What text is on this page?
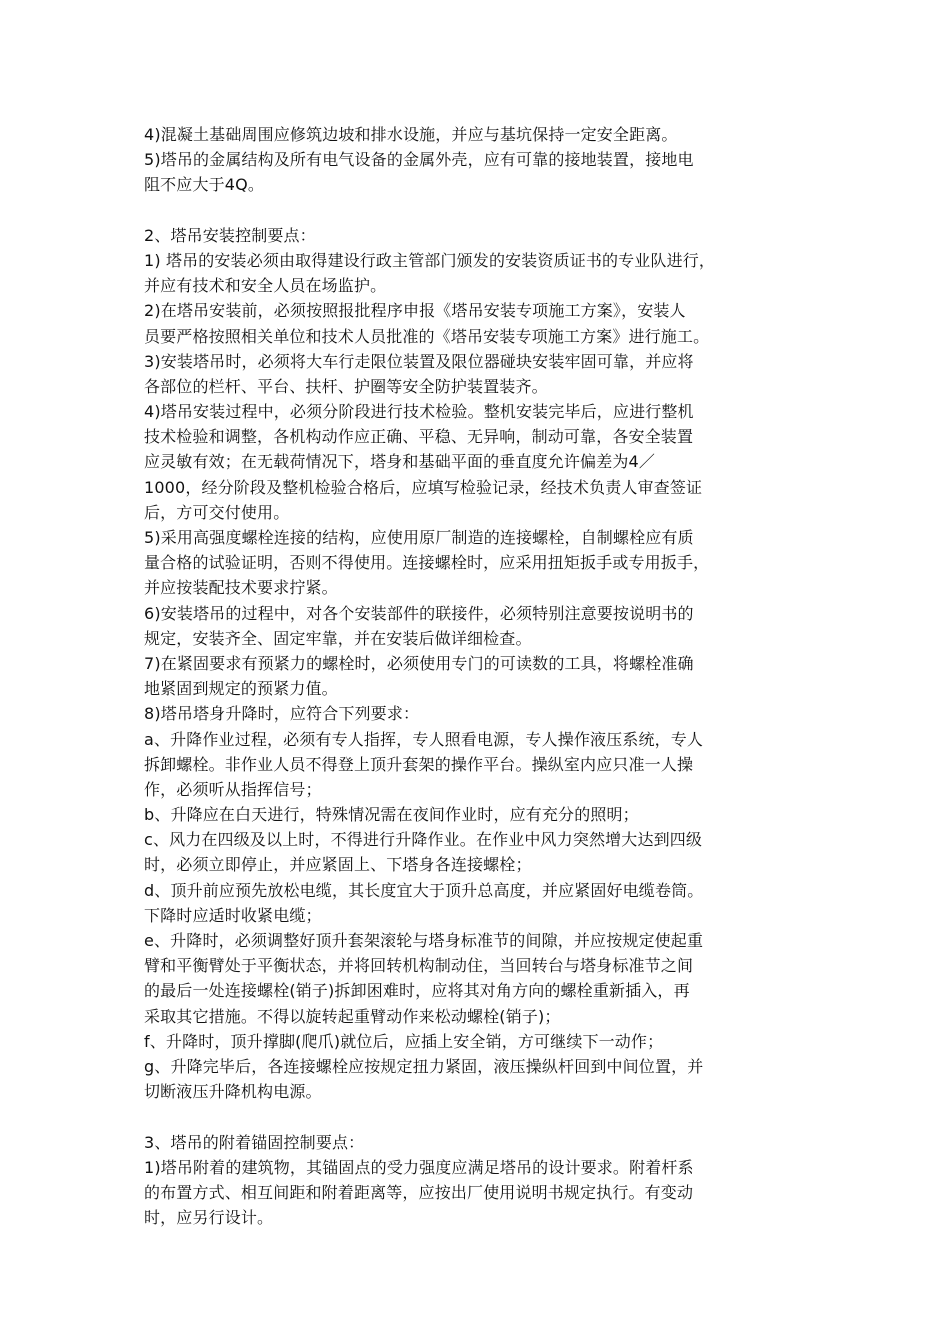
4)混凝土基础周围应修筑边坡和排水设施，并应与基坑保持一定安全距离。
5)塔吊的金属结构及所有电气设备的金属外壳，应有可靠的接地装置，接地电
阻不应大于4Q。
2、塔吊安装控制要点：
1) 塔吊的安装必须由取得建设行政主管部门颁发的安装资质证书的专业队进行，
并应有技术和安全人员在场监护。
2)在塔吊安装前，必须按照报批程序申报《塔吊安装专项施工方案》，安装人
员要严格按照相关单位和技术人员批准的《塔吊安装专项施工方案》进行施工。
3)安装塔吊时，必须将大车行走限位装置及限位器碰块安装牢固可靠，并应将
各部位的栏杆、平台、扶杆、护圈等安全防护装置装齐。
4)塔吊安装过程中，必须分阶段进行技术检验。整机安装完毕后，应进行整机
技术检验和调整，各机构动作应正确、平稳、无异响，制动可靠，各安全装置
应灵敏有效；在无载荷情况下，塔身和基础平面的垂直度允许偏差为4／
1000，经分阶段及整机检验合格后，应填写检验记录，经技术负责人审查签证
后，方可交付使用。
5)采用高强度螺栓连接的结构，应使用原厂制造的连接螺栓，自制螺栓应有质
量合格的试验证明，否则不得使用。连接螺栓时，应采用扭矩扳手或专用扳手，
并应按装配技术要求拧紧。
6)安装塔吊的过程中，对各个安装部件的联接件，必须特别注意要按说明书的
规定，安装齐全、固定牢靠，并在安装后做详细检查。
7)在紧固要求有预紧力的螺栓时，必须使用专门的可读数的工具，将螺栓准确
地紧固到规定的预紧力值。
8)塔吊塔身升降时，应符合下列要求：
a、升降作业过程，必须有专人指挥，专人照看电源，专人操作液压系统，专人
拆卸螺栓。非作业人员不得登上顶升套架的操作平台。操纵室内应只准一人操
作，必须听从指挥信号；
b、升降应在白天进行，特殊情况需在夜间作业时，应有充分的照明；
c、风力在四级及以上时，不得进行升降作业。在作业中风力突然增大达到四级
时，必须立即停止，并应紧固上、下塔身各连接螺栓；
d、顶升前应预先放松电缆，其长度宜大于顶升总高度，并应紧固好电缆卷筒。
下降时应适时收紧电缆；
e、升降时，必须调整好顶升套架滚轮与塔身标准节的间隙，并应按规定使起重
臂和平衡臂处于平衡状态，并将回转机构制动住，当回转台与塔身标准节之间
的最后一处连接螺栓(销子)拆卸困难时，应将其对角方向的螺栓重新插入，再
采取其它措施。不得以旋转起重臂动作来松动螺栓(销子)；
f、升降时，顶升撑脚(爬爪)就位后，应插上安全销，方可继续下一动作；
g、升降完毕后，各连接螺栓应按规定扭力紧固，液压操纵杆回到中间位置，并
切断液压升降机构电源。
3、塔吊的附着锚固控制要点：
1)塔吊附着的建筑物，其锚固点的受力强度应满足塔吊的设计要求。附着杆系
的布置方式、相互间距和附着距离等，应按出厂使用说明书规定执行。有变动
时，应另行设计。
